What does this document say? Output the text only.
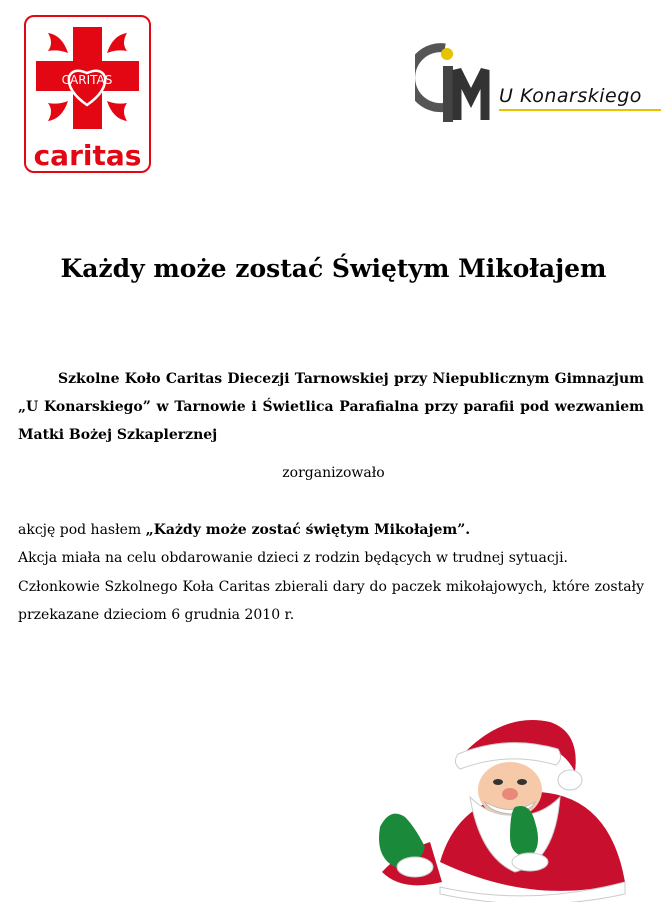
CARITAS
caritas
U Konarskiego
Każdy może zostać Świętym Mikołajem
Szkolne Koło Caritas Diecezji Tarnowskiej przy Niepublicznym Gimnazjum „U Konarskiego” w Tarnowie i Świetlica Parafialna przy parafii pod wezwaniem Matki Bożej Szkaplerznej
zorganizowało
akcję pod hasłem „Każdy może zostać świętym Mikołajem”.
Akcja miała na celu obdarowanie dzieci z rodzin będących w trudnej sytuacji.
Członkowie Szkolnego Koła Caritas zbierali dary do paczek mikołajowych, które zostały przekazane dzieciom 6 grudnia 2010 r.
